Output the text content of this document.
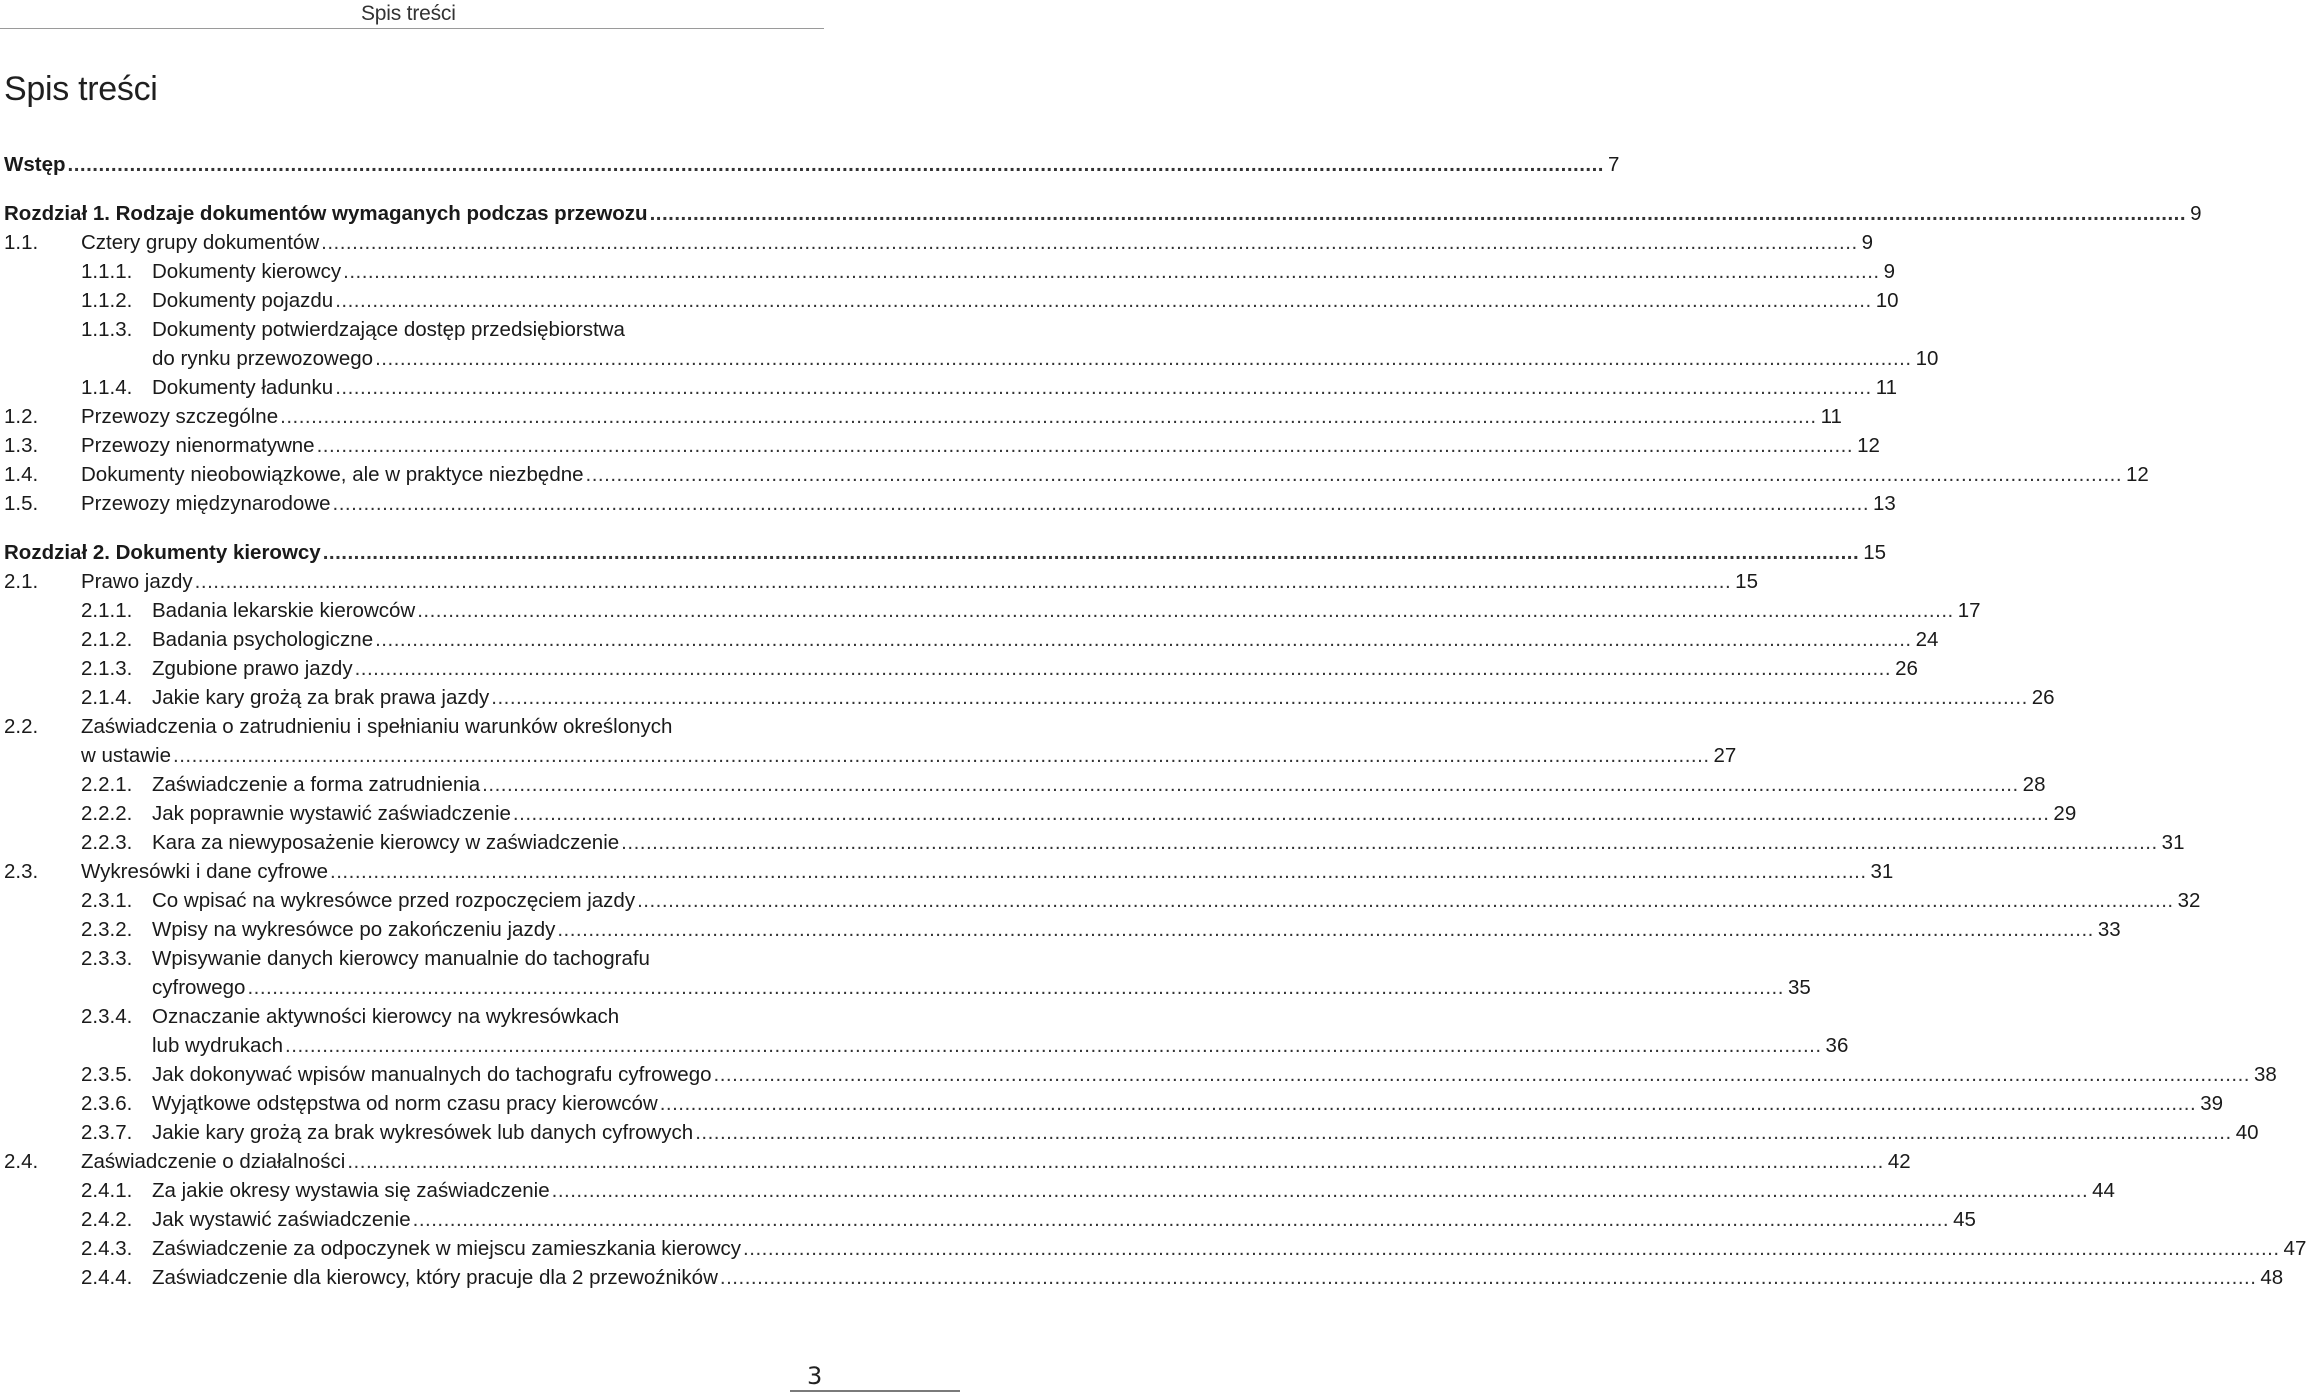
Spis treści
Spis treści
Wstęp .....	7
Rozdział 1. Rodzaje dokumentów wymaganych podczas przewozu .....	9
1.1.	Cztery grupy dokumentów .....	9
1.1.1. Dokumenty kierowcy .....	9
1.1.2. Dokumenty pojazdu .....	10
1.1.3. Dokumenty potwierdzające dostęp przedsiębiorstwa
do rynku przewozowego .....	10
1.1.4. Dokumenty ładunku .....	11
1.2.	Przewozy szczególne .....	11
1.3.	Przewozy nienormatywne .....	12
1.4.	Dokumenty nieobowiązkowe, ale w praktyce niezbędne .....	12
1.5.	Przewozy międzynarodowe .....	13
Rozdział 2. Dokumenty kierowcy .....	15
2.1.	Prawo jazdy .....	15
2.1.1. Badania lekarskie kierowców .....	17
2.1.2. Badania psychologiczne .....	24
2.1.3. Zgubione prawo jazdy .....	26
2.1.4. Jakie kary grożą za brak prawa jazdy .....	26
2.2. Zaświadczenia o zatrudnieniu i spełnianiu warunków określonych
w ustawie .....	27
2.2.1. Zaświadczenie a forma zatrudnienia .....	28
2.2.2. Jak poprawnie wystawić zaświadczenie .....	29
2.2.3. Kara za niewyposażenie kierowcy w zaświadczenie .....	31
2.3.	Wykresówki i dane cyfrowe .....	31
2.3.1. Co wpisać na wykresówce przed rozpoczęciem jazdy .....	32
2.3.2. Wpisy na wykresówce po zakończeniu jazdy .....	33
2.3.3. Wpisywanie danych kierowcy manualnie do tachografu
cyfrowego .....	35
2.3.4. Oznaczanie aktywności kierowcy na wykresówkach
lub wydrukach .....	36
2.3.5. Jak dokonywać wpisów manualnych do tachografu cyfrowego .....	38
2.3.6. Wyjątkowe odstępstwa od norm czasu pracy kierowców .....	39
2.3.7. Jakie kary grożą za brak wykresówek lub danych cyfrowych .....	40
2.4.	Zaświadczenie o działalności .....	42
2.4.1. Za jakie okresy wystawia się zaświadczenie .....	44
2.4.2. Jak wystawić zaświadczenie .....	45
2.4.3. Zaświadczenie za odpoczynek w miejscu zamieszkania kierowcy .....	47
2.4.4. Zaświadczenie dla kierowcy, który pracuje dla 2 przewoźników .....	48
3
